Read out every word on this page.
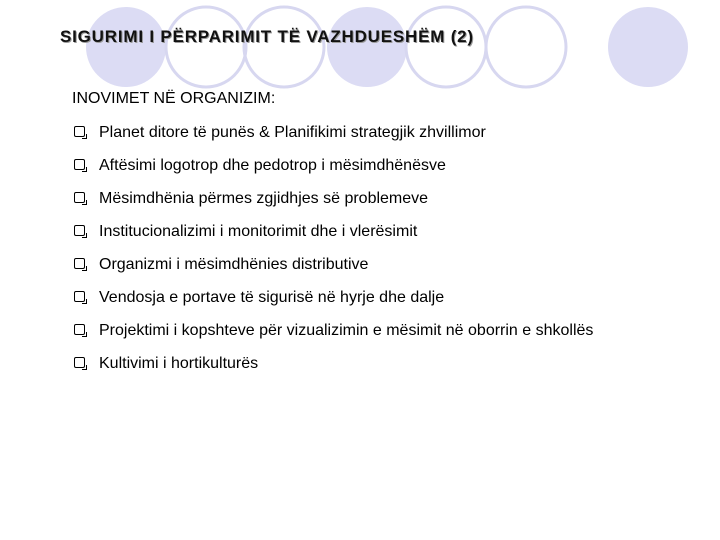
SIGURIMI I PËRPARIMIT TË VAZHDUESHËM (2)
INOVIMET NË ORGANIZIM:
Planet ditore të punës & Planifikimi strategjik zhvillimor
Aftësimi logotrop dhe pedotrop i mësimdhënësve
Mësimdhënia përmes zgjidhjes së problemeve
Institucionalizimi i monitorimit dhe i vlerësimit
Organizmi i mësimdhënies distributive
Vendosja e portave të sigurisë në hyrje dhe dalje
Projektimi i kopshteve për vizualizimin e mësimit në oborrin e shkollës
Kultivimi i hortikulturës
